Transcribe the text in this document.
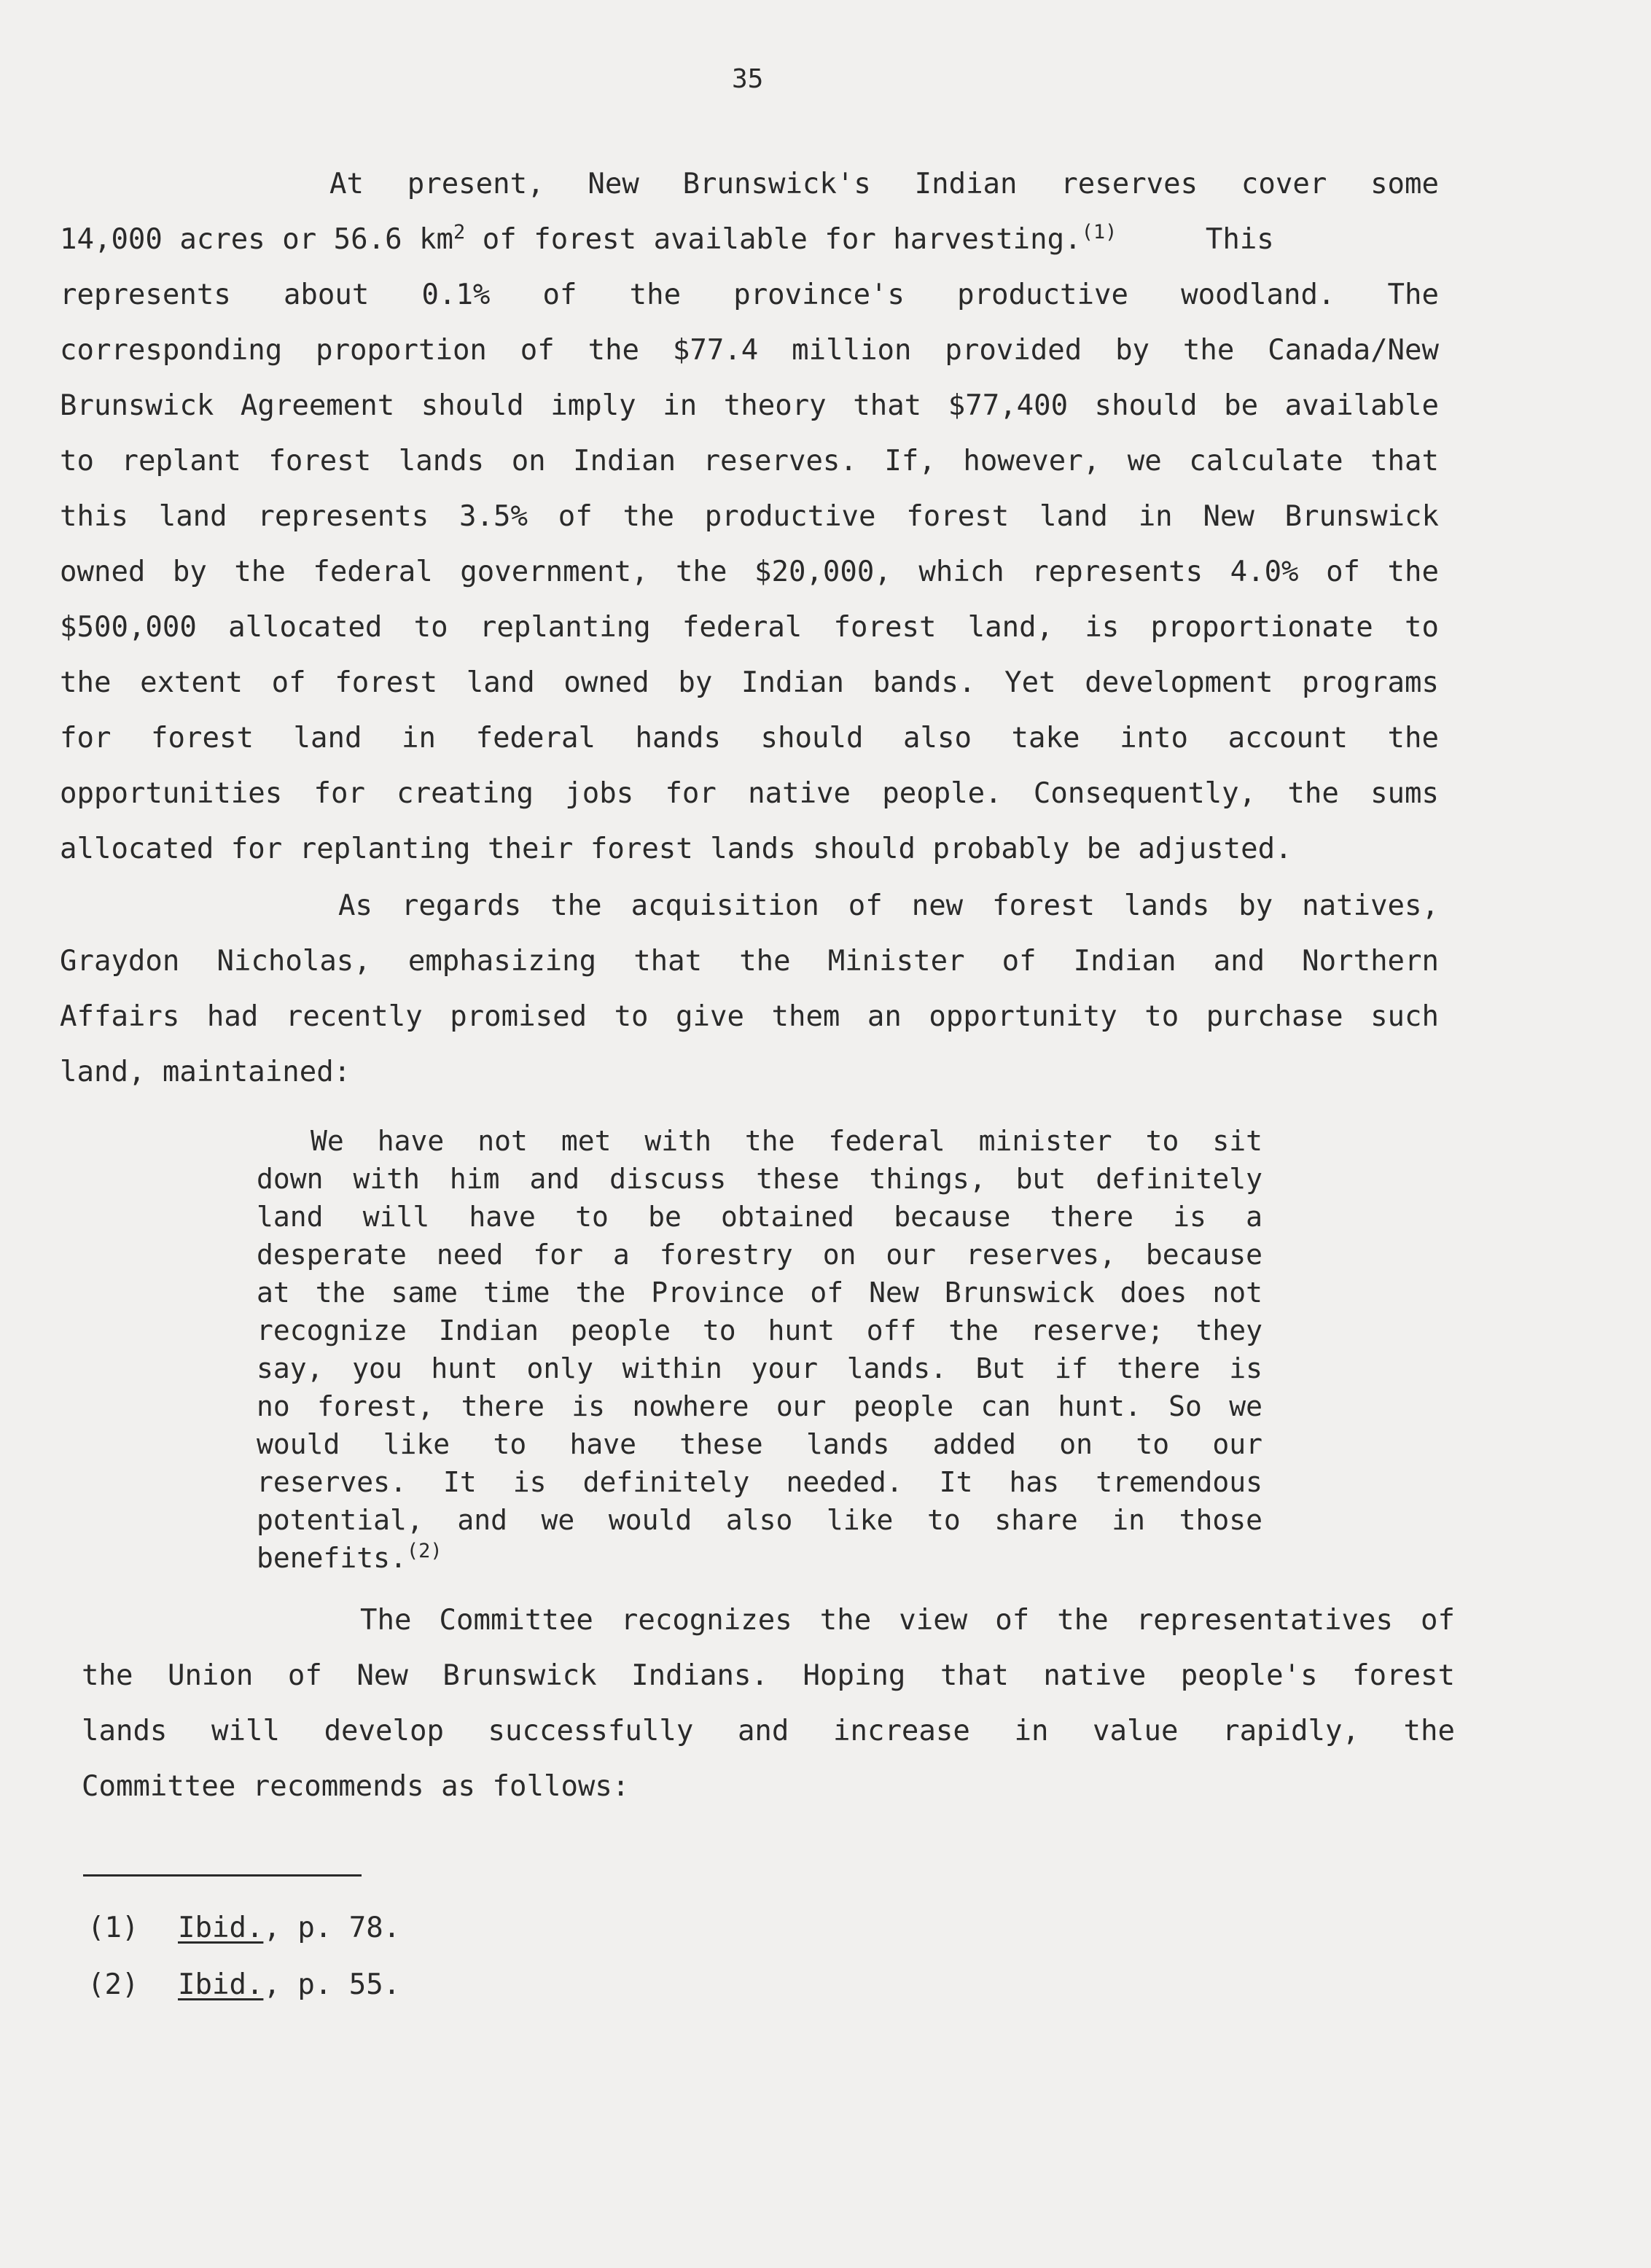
35
At present, New Brunswick's Indian reserves cover some
14,000 acres or 56.6 $km^2$ of forest available for harvesting.$^{(1)}$	This
represents about 0.1% of the province's productive woodland. The
corresponding proportion of the $77.4 million provided by the Canada/New
Brunswick Agreement should imply in theory that $77,400 should be available
to replant forest lands on Indian reserves. If, however, we calculate that
this land represents 3.5% of the productive forest land in New Brunswick
owned by the federal government, the $20,000, which represents 4.0% of the
$500,000 allocated to replanting federal forest land, is proportionate to
the extent of forest land owned by Indian bands. Yet development programs
for forest land in federal hands should also take into account the
opportunities for creating jobs for native people. Consequently, the sums
allocated for replanting their forest lands should probably be adjusted.
As regards the acquisition of new forest lands by natives,
Graydon Nicholas, emphasizing that the Minister of Indian and Northern
Affairs had recently promised to give them an opportunity to purchase such
land, maintained:
We have not met with the federal minister to sit
down with him and discuss these things, but definitely
land will have to be obtained because there is a
desperate need for a forestry on our reserves, because
at the same time the Province of New Brunswick does not
recognize Indian people to hunt off the reserve; they
say, you hunt only within your lands. But if there is
no forest, there is nowhere our people can hunt. So we
would like to have these lands added on to our
reserves. It is definitely needed. It has tremendous
potential, and we would also like to share in those
benefits.$^{(2)}$
The Committee recognizes the view of the representatives of
the Union of New Brunswick Indians. Hoping that native people's forest
lands will develop successfully and increase in value rapidly, the
Committee recommends as follows:
(1) Ibid., p. 78.
(2) Ibid., p. 55.
